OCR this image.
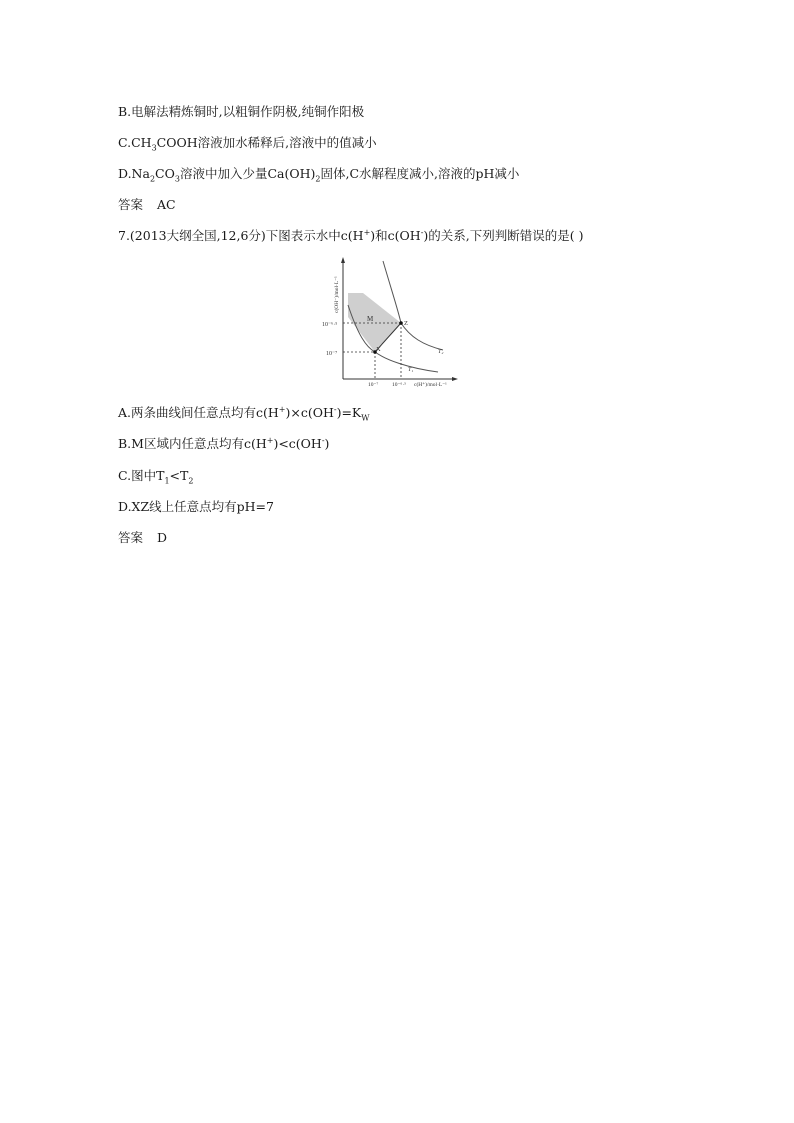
B.电解法精炼铜时,以粗铜作阴极,纯铜作阳极
$C.CH_3COOH$溶液加水稀释后,溶液中的值减小
$D.Na_2CO_3$溶液中加入少量$Ca(OH)_2$固体,C水解程度减小,溶液的pH减小
答案 AC
7.(2013大纲全国,12,6分)下图表示水中c(H+)和c(OH-)的关系,下列判断错误的是( )
c(OH⁻)/mol·L⁻¹
c(H⁺)/mol·L⁻¹
10⁻⁶·⁵
10⁻⁷
10⁻⁷ 10⁻⁶·⁵
M
X
Z
T₁
T₂
A.两条曲线间任意点均有$c(H^+)\times c(OH^-)=K_W$
B.M区域内任意点均有c(H+)<c(OH-)
C.图中$T_1<T_2$
D.XZ线上任意点均有pH=7
答案 D
